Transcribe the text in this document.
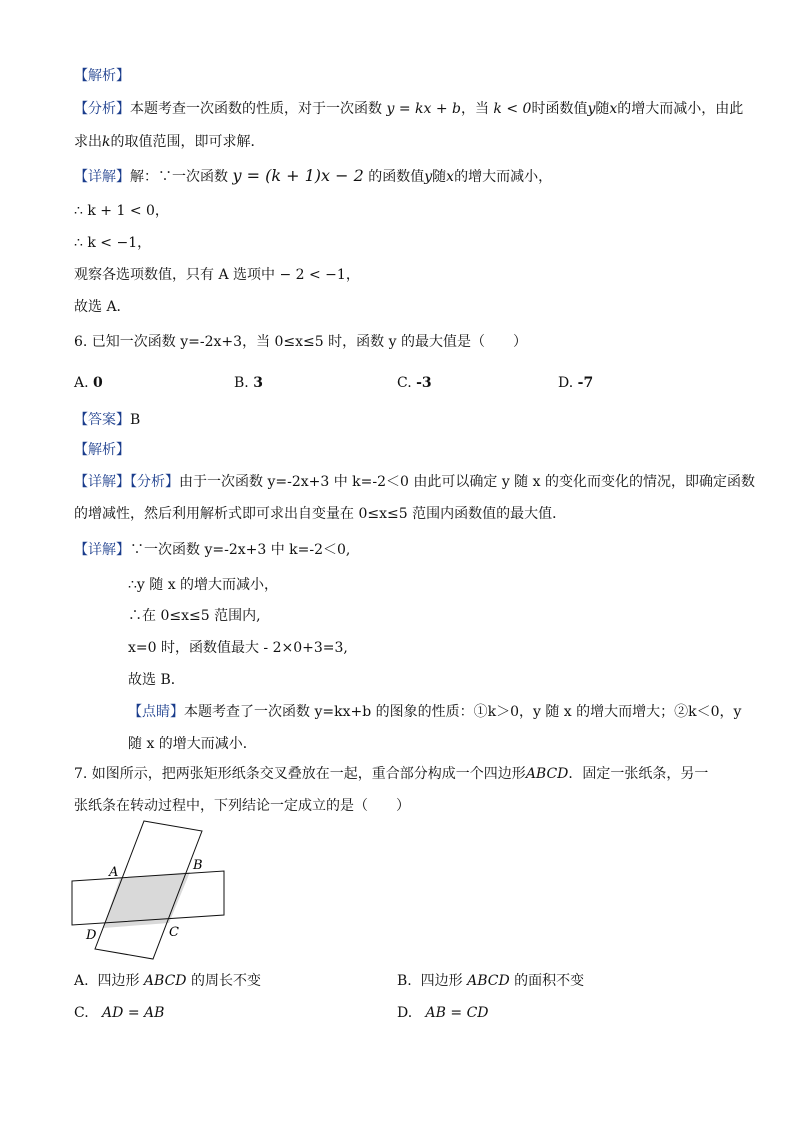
【解析】
【分析】本题考查一次函数的性质，对于一次函数 y = kx + b，当 k < 0时函数值y随x的增大而减小，由此
求出k的取值范围，即可求解．
【详解】解：∵一次函数 y = (k + 1)x − 2 的函数值y随x的增大而减小，
∴ k + 1 < 0，
∴ k < −1，
观察各选项数值，只有 A 选项中 − 2 < −1，
故选 A．
6. 已知一次函数 y=-2x+3，当 0≤x≤5 时，函数 y 的最大值是（　　）
A. 0	B. 3	C. -3	D. -7
【答案】B
【解析】
【详解】【分析】由于一次函数 y=-2x+3 中 k=-2＜0 由此可以确定 y 随 x 的变化而变化的情况，即确定函数
的增减性，然后利用解析式即可求出自变量在 0≤x≤5 范围内函数值的最大值．
【详解】∵一次函数 y=-2x+3 中 k=-2＜0,
∴y 随 x 的增大而减小，
∴在 0≤x≤5 范围内,
x=0 时，函数值最大 - 2×0+3=3,
故选 B．
【点睛】本题考查了一次函数 y=kx+b 的图象的性质：①k＞0，y 随 x 的增大而增大；②k＜0，y
随 x 的增大而减小．
7. 如图所示，把两张矩形纸条交叉叠放在一起，重合部分构成一个四边形ABCD．固定一张纸条，另一
张纸条在转动过程中，下列结论一定成立的是（　　）
A	B
C
D
A. 四边形 ABCD 的周长不变	B. 四边形 ABCD 的面积不变
C. AD = AB	D. AB = CD
